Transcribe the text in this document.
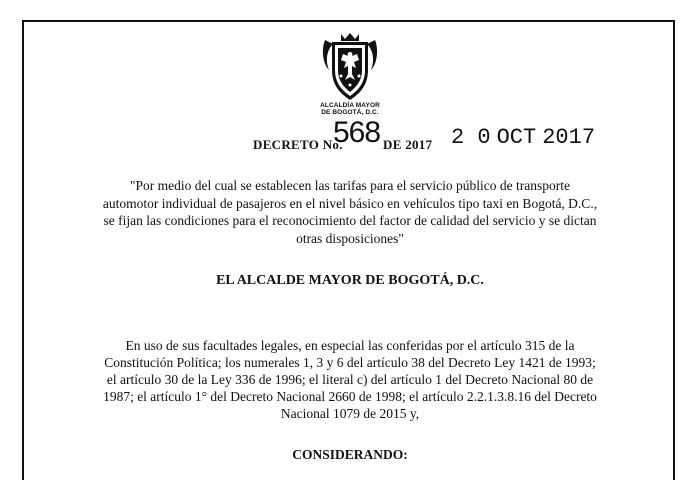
ALCALDÍA MAYOR
DE BOGOTÁ, D.C.
DECRETO No.
568 DE 2017 2 0 OCT 2017
"Por medio del cual se establecen las tarifas para el servicio público de transporte
automotor individual de pasajeros en el nivel básico en vehículos tipo taxi en Bogotá, D.C.,
se fijan las condiciones para el reconocimiento del factor de calidad del servicio y se dictan
otras disposiciones"
EL ALCALDE MAYOR DE BOGOTÁ, D.C.
En uso de sus facultades legales, en especial las conferidas por el artículo 315 de la
Constitución Política; los numerales 1, 3 y 6 del artículo 38 del Decreto Ley 1421 de 1993;
el artículo 30 de la Ley 336 de 1996; el literal c) del artículo 1 del Decreto Nacional 80 de
1987; el artículo 1° del Decreto Nacional 2660 de 1998; el artículo 2.2.1.3.8.16 del Decreto
Nacional 1079 de 2015 y,
CONSIDERANDO:
